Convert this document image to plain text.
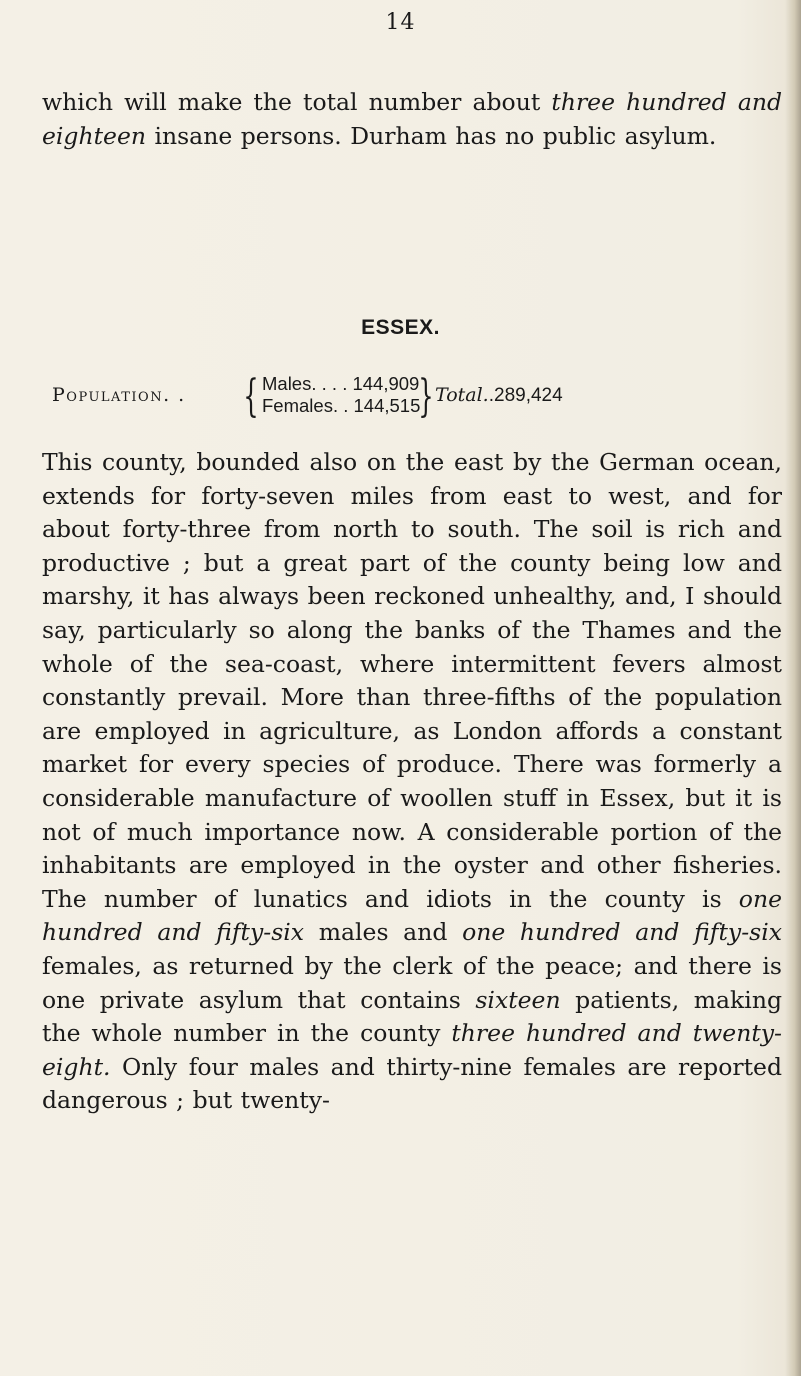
14

which will make the total number about three hundred and eighteen insane persons. Durham has no public asylum.

ESSEX.
Population. . { Males. . . . 144,909
Females. . 144,515
} Total..289,424

This county, bounded also on the east by the German ocean, extends for forty-seven miles from east to west, and for about forty-three from north to south. The soil is rich and productive ; but a great part of the county being low and marshy, it has always been reckoned unhealthy, and, I should say, particularly so along the banks of the Thames and the whole of the sea-coast, where intermittent fevers almost constantly prevail. More than three-fifths of the population are employed in agriculture, as London affords a constant market for every species of produce. There was formerly a considerable manufacture of woollen stuff in Essex, but it is not of much importance now. A considerable portion of the inhabitants are employed in the oyster and other fisheries. The number of lunatics and idiots in the county is one hundred and fifty-six males and one hundred and fifty-six females, as returned by the clerk of the peace; and there is one private asylum that contains sixteen patients, making the whole number in the county three hundred and twenty-eight. Only four males and thirty-nine females are reported dangerous ; but twenty-
